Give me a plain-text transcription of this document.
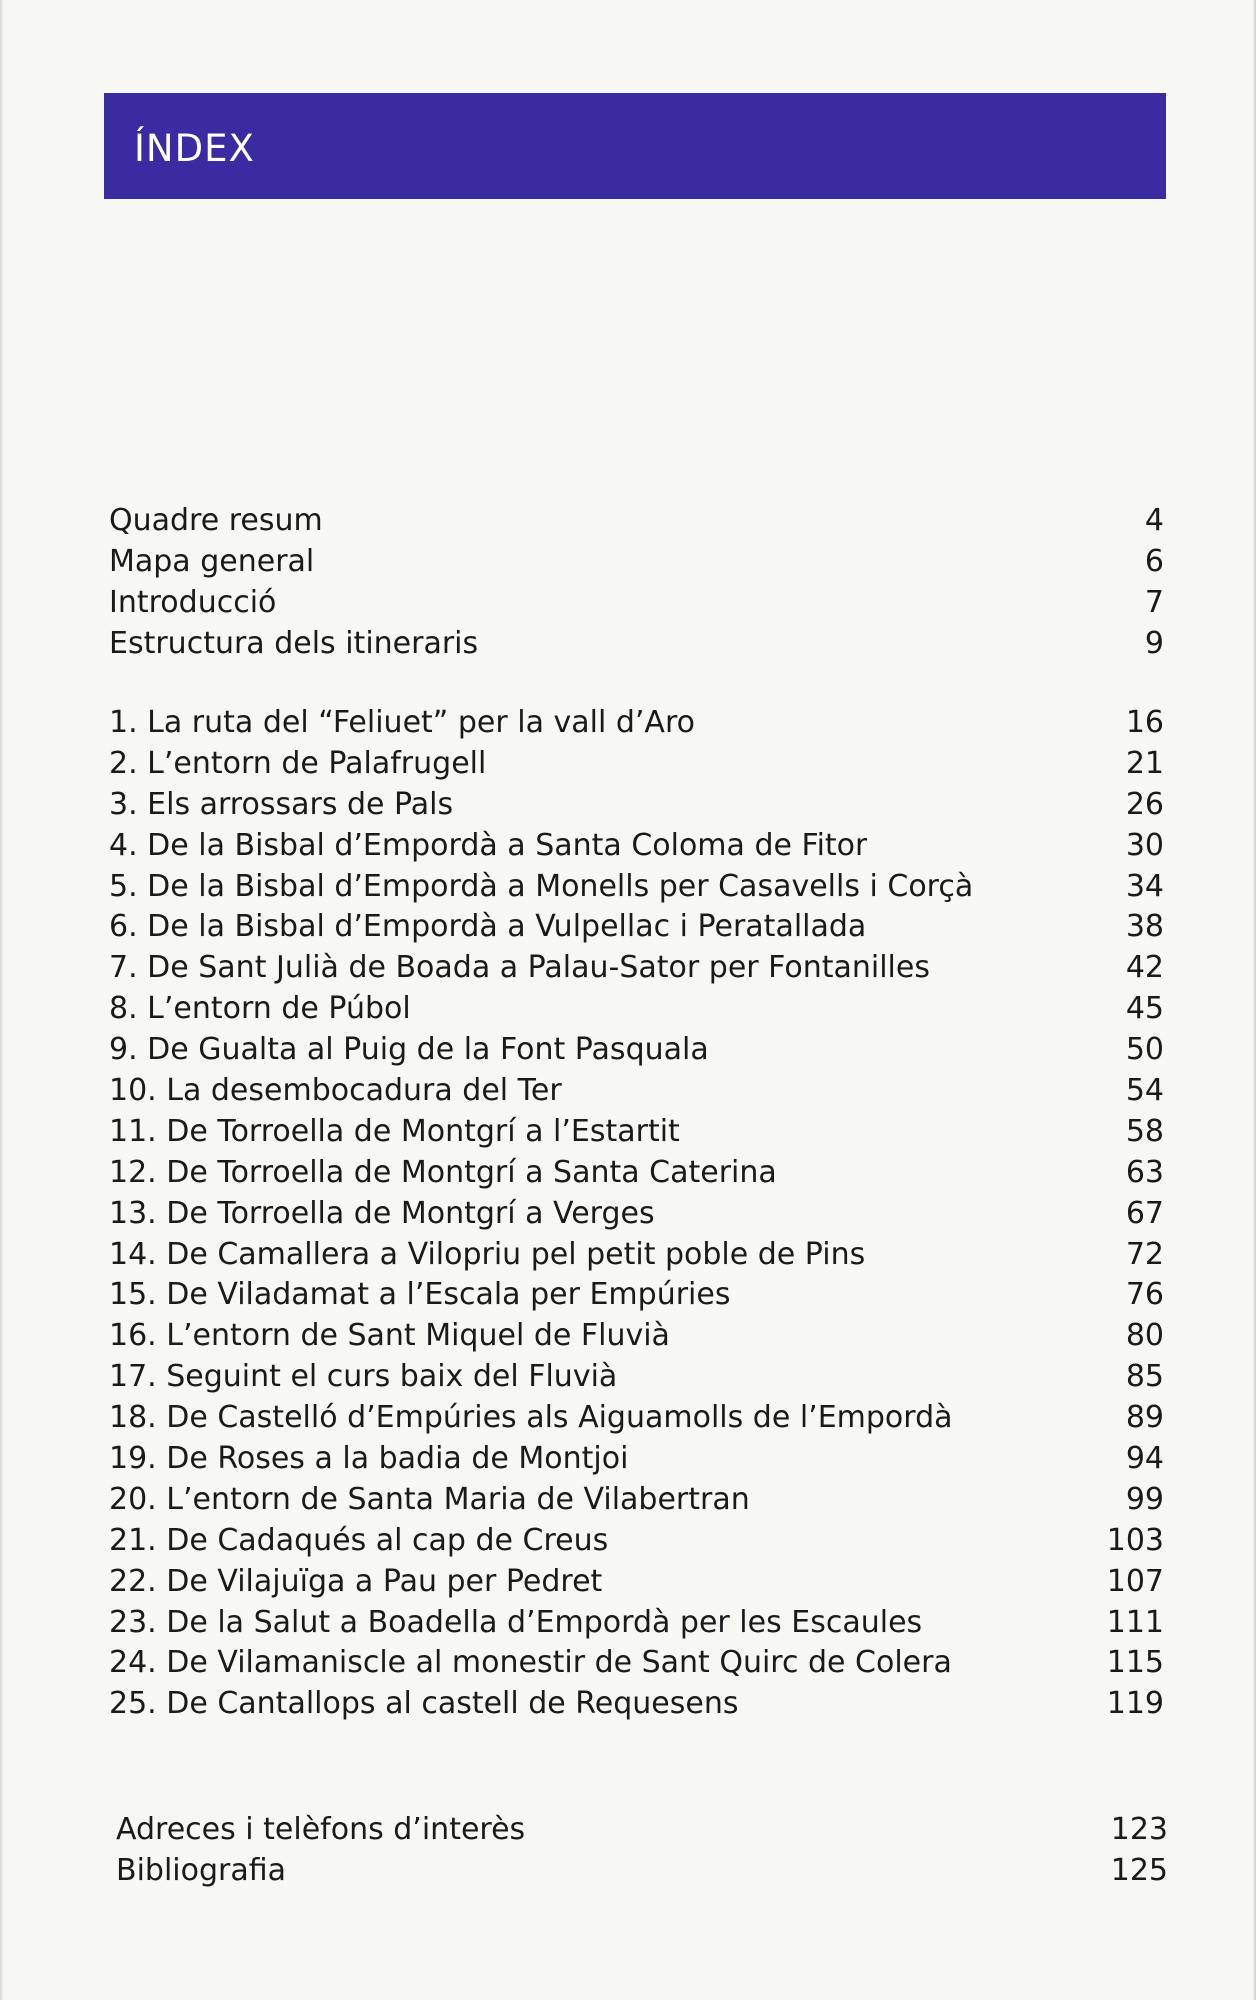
ÍNDEX
Quadre resum	4
Mapa general	6
Introducció	7
Estructura dels itineraris	9
1. La ruta del “Feliuet” per la vall d’Aro	16
2. L’entorn de Palafrugell	21
3. Els arrossars de Pals	26
4. De la Bisbal d’Empordà a Santa Coloma de Fitor	30
5. De la Bisbal d’Empordà a Monells per Casavells i Corçà	34
6. De la Bisbal d’Empordà a Vulpellac i Peratallada	38
7. De Sant Julià de Boada a Palau-Sator per Fontanilles	42
8. L’entorn de Púbol	45
9. De Gualta al Puig de la Font Pasquala	50
10. La desembocadura del Ter	54
11. De Torroella de Montgrí a l’Estartit	58
12. De Torroella de Montgrí a Santa Caterina	63
13. De Torroella de Montgrí a Verges	67
14. De Camallera a Vilopriu pel petit poble de Pins	72
15. De Viladamat a l’Escala per Empúries	76
16. L’entorn de Sant Miquel de Fluvià	80
17. Seguint el curs baix del Fluvià	85
18. De Castelló d’Empúries als Aiguamolls de l’Empordà	89
19. De Roses a la badia de Montjoi	94
20. L’entorn de Santa Maria de Vilabertran	99
21. De Cadaqués al cap de Creus	103
22. De Vilajuïga a Pau per Pedret	107
23. De la Salut a Boadella d’Empordà per les Escaules	111
24. De Vilamaniscle al monestir de Sant Quirc de Colera	115
25. De Cantallops al castell de Requesens	119
Adreces i telèfons d’interès	123
Bibliografia	125
